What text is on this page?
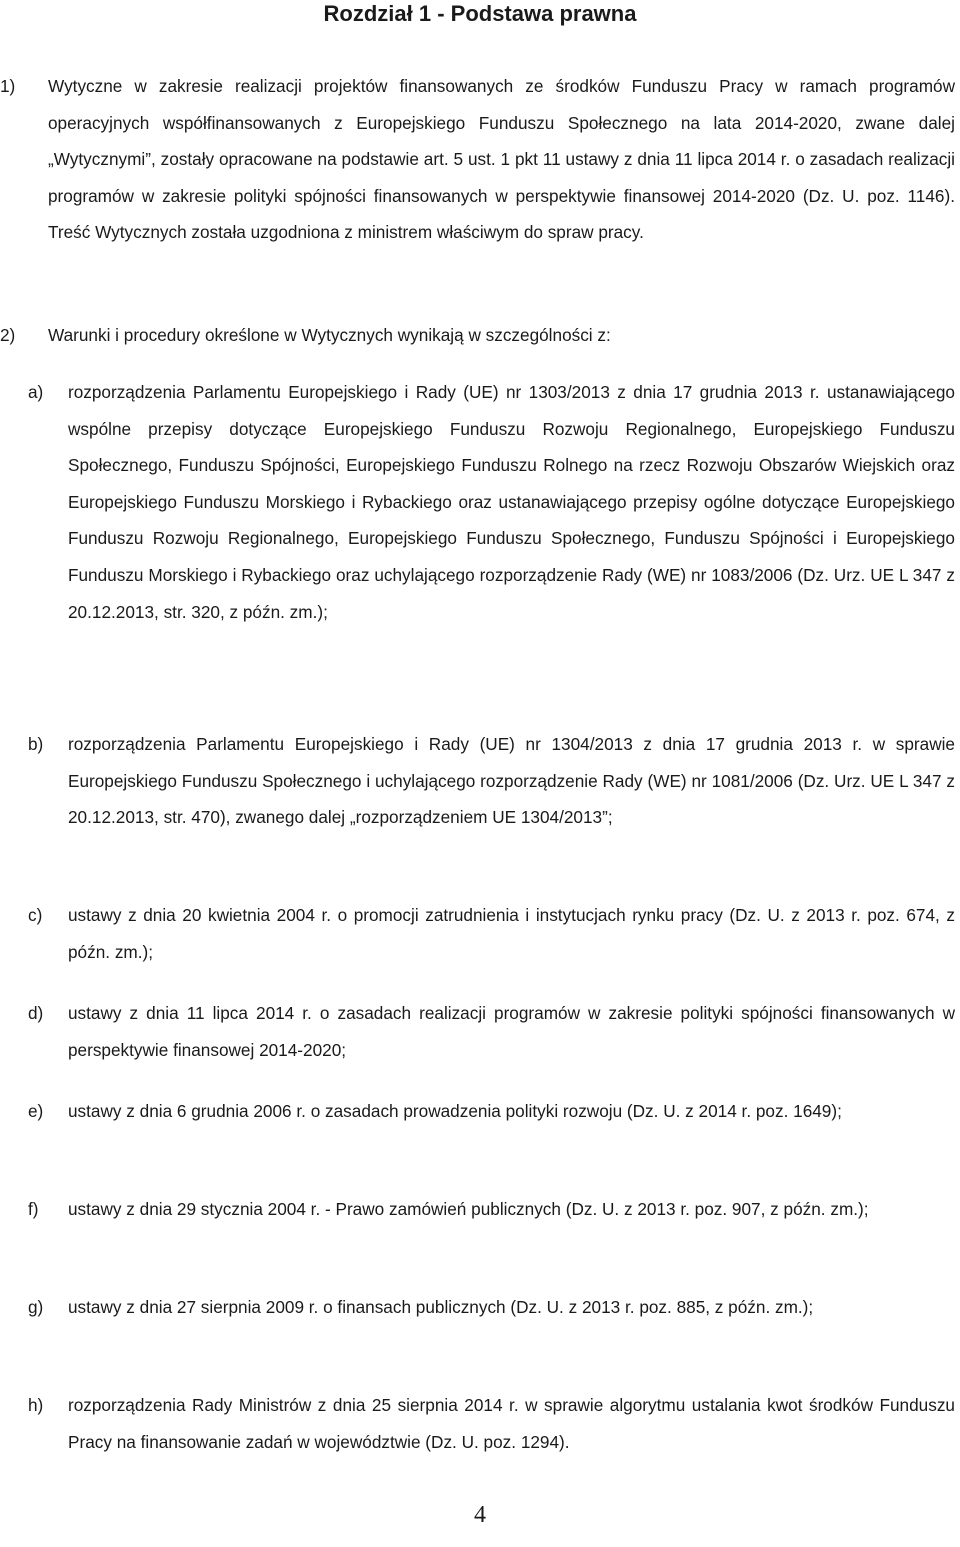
Rozdział 1 - Podstawa prawna
1) Wytyczne w zakresie realizacji projektów finansowanych ze środków Funduszu Pracy w ramach programów operacyjnych współfinansowanych z Europejskiego Funduszu Społecznego na lata 2014-2020, zwane dalej „Wytycznymi”, zostały opracowane na podstawie art. 5 ust. 1 pkt 11 ustawy z dnia 11 lipca 2014 r. o zasadach realizacji programów w zakresie polityki spójności finansowanych w perspektywie finansowej 2014-2020 (Dz. U. poz. 1146). Treść Wytycznych została uzgodniona z ministrem właściwym do spraw pracy.
2) Warunki i procedury określone w Wytycznych wynikają w szczególności z:
a) rozporządzenia Parlamentu Europejskiego i Rady (UE) nr 1303/2013 z dnia 17 grudnia 2013 r. ustanawiającego wspólne przepisy dotyczące Europejskiego Funduszu Rozwoju Regionalnego, Europejskiego Funduszu Społecznego, Funduszu Spójności, Europejskiego Funduszu Rolnego na rzecz Rozwoju Obszarów Wiejskich oraz Europejskiego Funduszu Morskiego i Rybackiego oraz ustanawiającego przepisy ogólne dotyczące Europejskiego Funduszu Rozwoju Regionalnego, Europejskiego Funduszu Społecznego, Funduszu Spójności i Europejskiego Funduszu Morskiego i Rybackiego oraz uchylającego rozporządzenie Rady (WE) nr 1083/2006 (Dz. Urz. UE L 347 z 20.12.2013, str. 320, z późn. zm.);
b) rozporządzenia Parlamentu Europejskiego i Rady (UE) nr 1304/2013 z dnia 17 grudnia 2013 r. w sprawie Europejskiego Funduszu Społecznego i uchylającego rozporządzenie Rady (WE) nr 1081/2006 (Dz. Urz. UE L 347 z 20.12.2013, str. 470), zwanego dalej „rozporządzeniem UE 1304/2013”;
c) ustawy z dnia 20 kwietnia 2004 r. o promocji zatrudnienia i instytucjach rynku pracy (Dz. U. z 2013 r. poz. 674, z późn. zm.);
d) ustawy z dnia 11 lipca 2014 r. o zasadach realizacji programów w zakresie polityki spójności finansowanych w perspektywie finansowej 2014-2020;
e) ustawy z dnia 6 grudnia 2006 r. o zasadach prowadzenia polityki rozwoju (Dz. U. z 2014 r. poz. 1649);
f) ustawy z dnia 29 stycznia 2004 r. - Prawo zamówień publicznych (Dz. U. z 2013 r. poz. 907, z późn. zm.);
g) ustawy z dnia 27 sierpnia 2009 r. o finansach publicznych (Dz. U. z 2013 r. poz. 885, z późn. zm.);
h) rozporządzenia Rady Ministrów z dnia 25 sierpnia 2014 r. w sprawie algorytmu ustalania kwot środków Funduszu Pracy na finansowanie zadań w województwie (Dz. U. poz. 1294).
4
